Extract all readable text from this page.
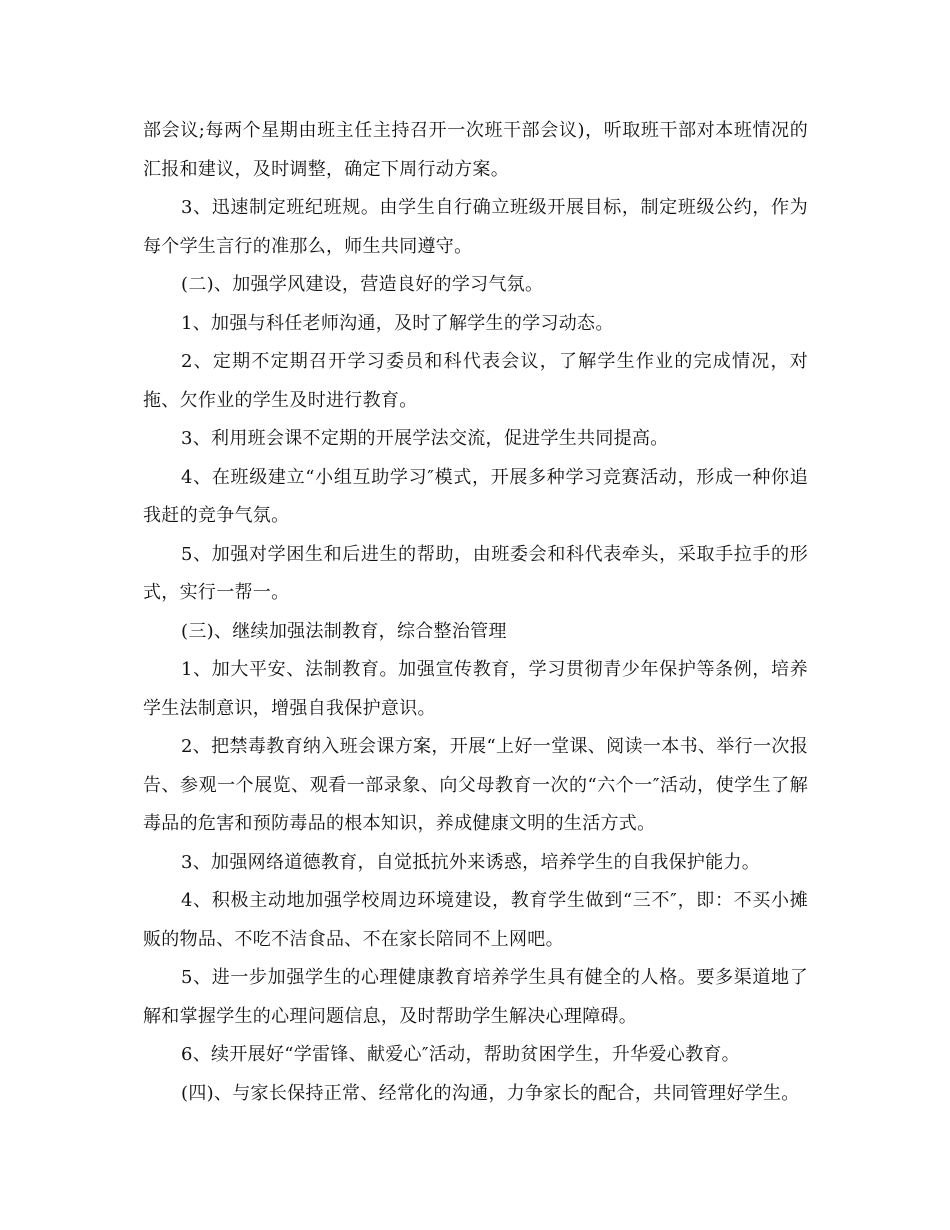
部会议;每两个星期由班主任主持召开一次班干部会议)，听取班干部对本班情况的汇报和建议，及时调整，确定下周行动方案。

3、迅速制定班纪班规。由学生自行确立班级开展目标，制定班级公约，作为每个学生言行的准那么，师生共同遵守。

(二)、加强学风建设，营造良好的学习气氛。

1、加强与科任老师沟通，及时了解学生的学习动态。

2、定期不定期召开学习委员和科代表会议，了解学生作业的完成情况，对拖、欠作业的学生及时进行教育。

3、利用班会课不定期的开展学法交流，促进学生共同提高。

4、在班级建立“小组互助学习″模式，开展多种学习竞赛活动，形成一种你追我赶的竞争气氛。

5、加强对学困生和后进生的帮助，由班委会和科代表牵头，采取手拉手的形式，实行一帮一。

(三)、继续加强法制教育，综合整治管理

1、加大平安、法制教育。加强宣传教育，学习贯彻青少年保护等条例，培养学生法制意识，增强自我保护意识。

2、把禁毒教育纳入班会课方案，开展“上好一堂课、阅读一本书、举行一次报告、参观一个展览、观看一部录象、向父母教育一次的“六个一″活动，使学生了解毒品的危害和预防毒品的根本知识，养成健康文明的生活方式。

3、加强网络道德教育，自觉抵抗外来诱惑，培养学生的自我保护能力。

4、积极主动地加强学校周边环境建设，教育学生做到“三不″，即：不买小摊贩的物品、不吃不洁食品、不在家长陪同不上网吧。

5、进一步加强学生的心理健康教育培养学生具有健全的人格。要多渠道地了解和掌握学生的心理问题信息，及时帮助学生解决心理障碍。

6、续开展好“学雷锋、献爱心″活动，帮助贫困学生，升华爱心教育。

(四)、与家长保持正常、经常化的沟通，力争家长的配合，共同管理好学生。
